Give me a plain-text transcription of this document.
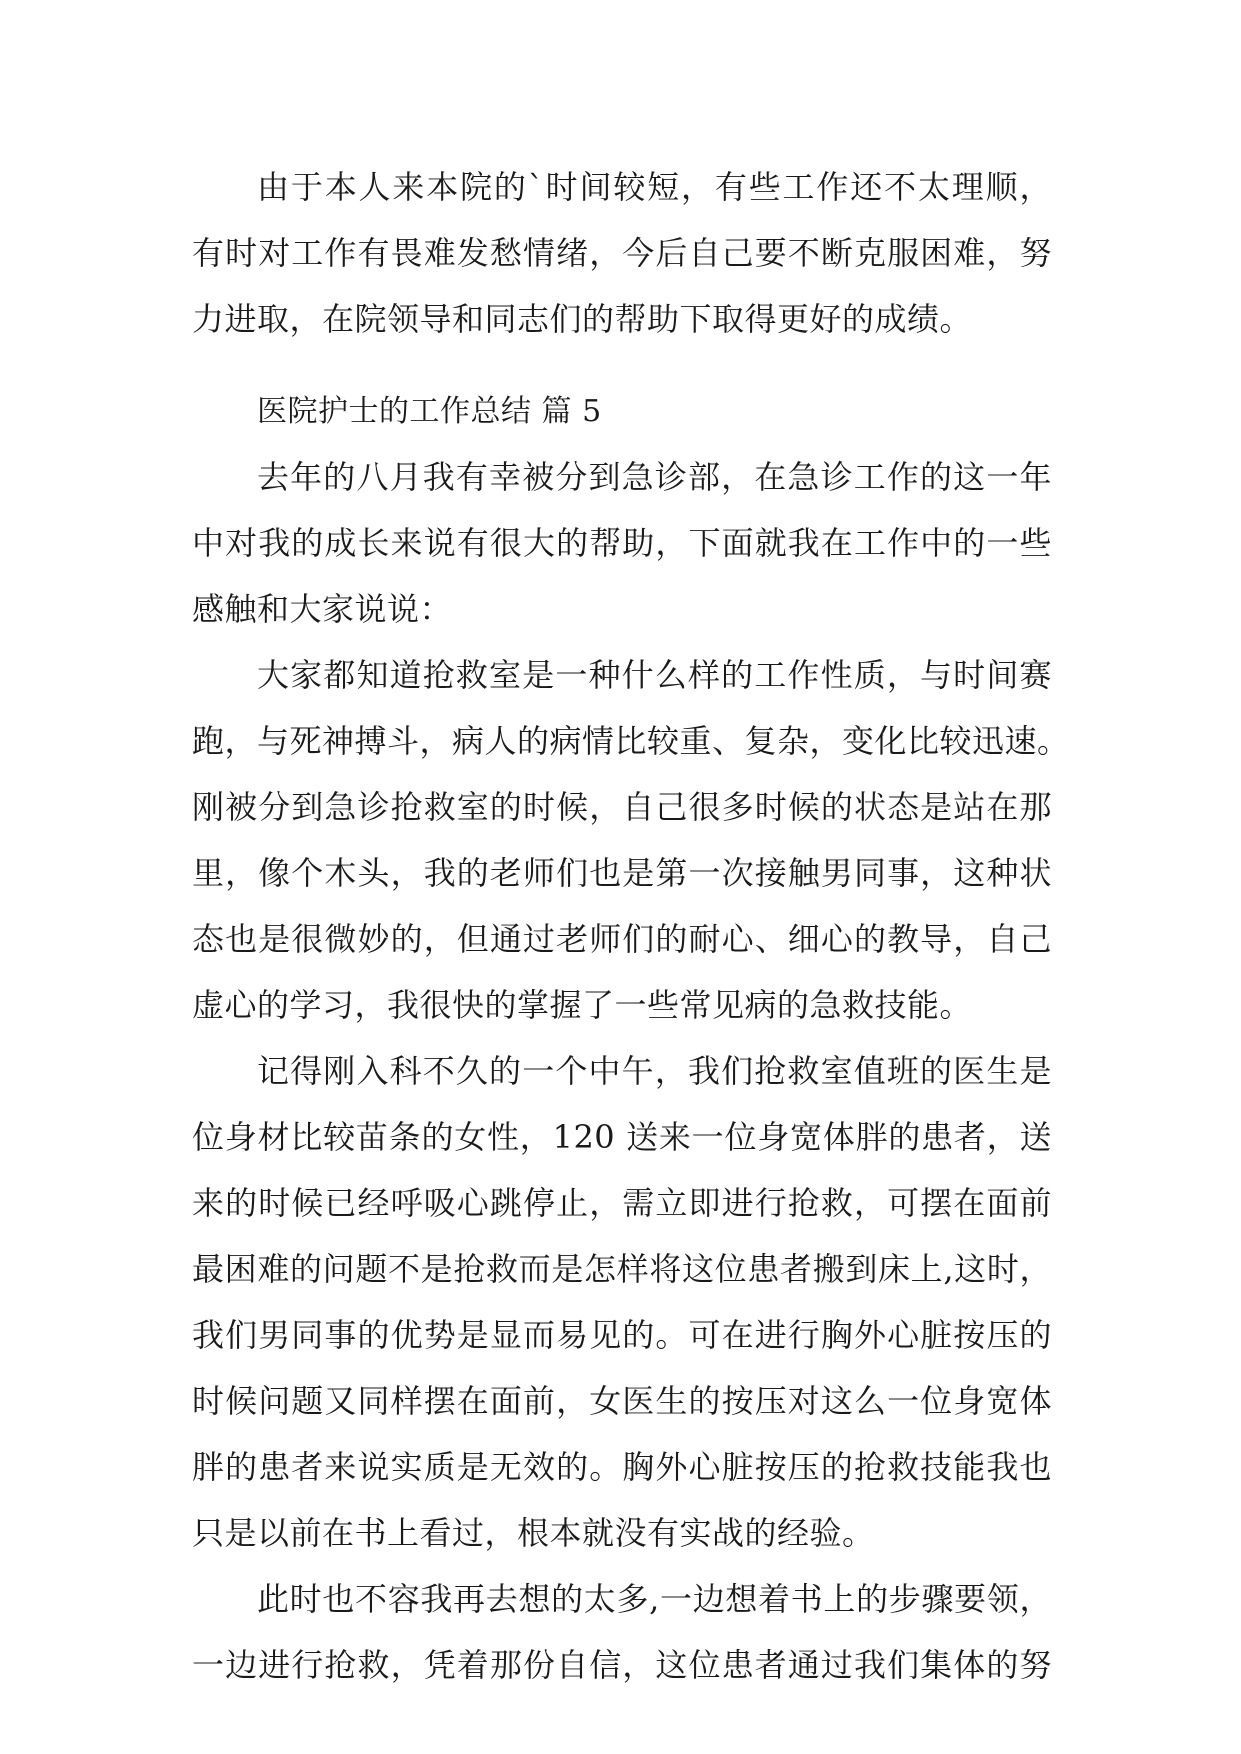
由于本人来本院的`时间较短，有些工作还不太理顺，
有时对工作有畏难发愁情绪，今后自己要不断克服困难，努
力进取，在院领导和同志们的帮助下取得更好的成绩。
医院护士的工作总结 篇 5
去年的八月我有幸被分到急诊部，在急诊工作的这一年
中对我的成长来说有很大的帮助，下面就我在工作中的一些
感触和大家说说：
大家都知道抢救室是一种什么样的工作性质，与时间赛
跑，与死神搏斗，病人的病情比较重、复杂，变化比较迅速。
刚被分到急诊抢救室的时候，自己很多时候的状态是站在那
里，像个木头，我的老师们也是第一次接触男同事，这种状
态也是很微妙的，但通过老师们的耐心、细心的教导，自己
虚心的学习，我很快的掌握了一些常见病的急救技能。
记得刚入科不久的一个中午，我们抢救室值班的医生是
位身材比较苗条的女性，120 送来一位身宽体胖的患者，送
来的时候已经呼吸心跳停止，需立即进行抢救，可摆在面前
最困难的问题不是抢救而是怎样将这位患者搬到床上,这时，
我们男同事的优势是显而易见的。可在进行胸外心脏按压的
时候问题又同样摆在面前，女医生的按压对这么一位身宽体
胖的患者来说实质是无效的。胸外心脏按压的抢救技能我也
只是以前在书上看过，根本就没有实战的经验。
此时也不容我再去想的太多,一边想着书上的步骤要领，
一边进行抢救，凭着那份自信，这位患者通过我们集体的努
